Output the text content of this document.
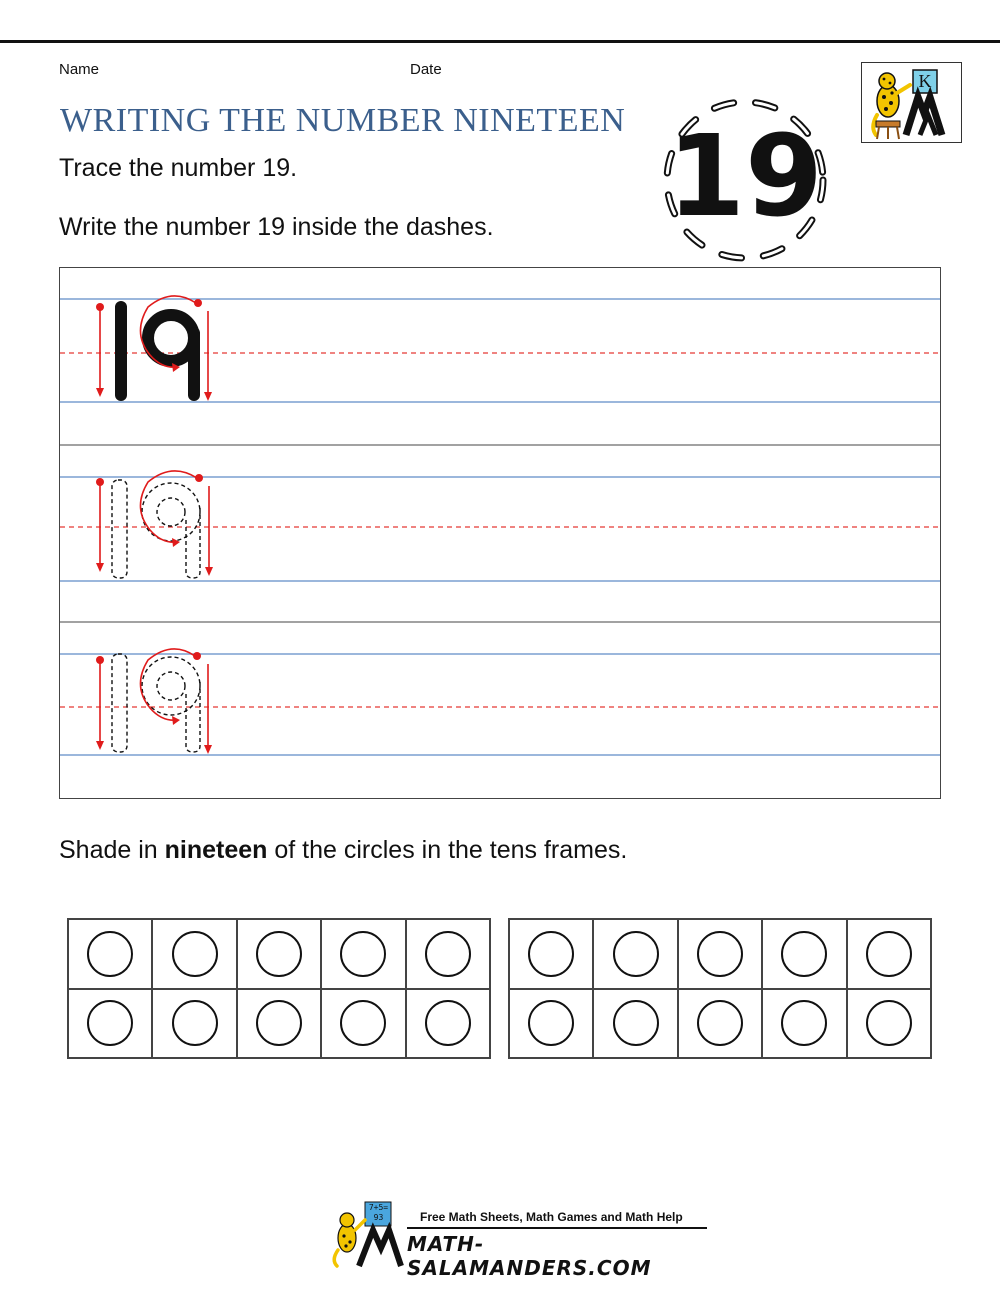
Name	Date
WRITING THE NUMBER NINETEEN
Trace the number 19.
Write the number 19 inside the dashes. 19
K
Shade in nineteen of the circles in the tens frames.
7+5=
93	Free Math Sheets, Math Games and Math Help
MATH-SALAMANDERS.COM
